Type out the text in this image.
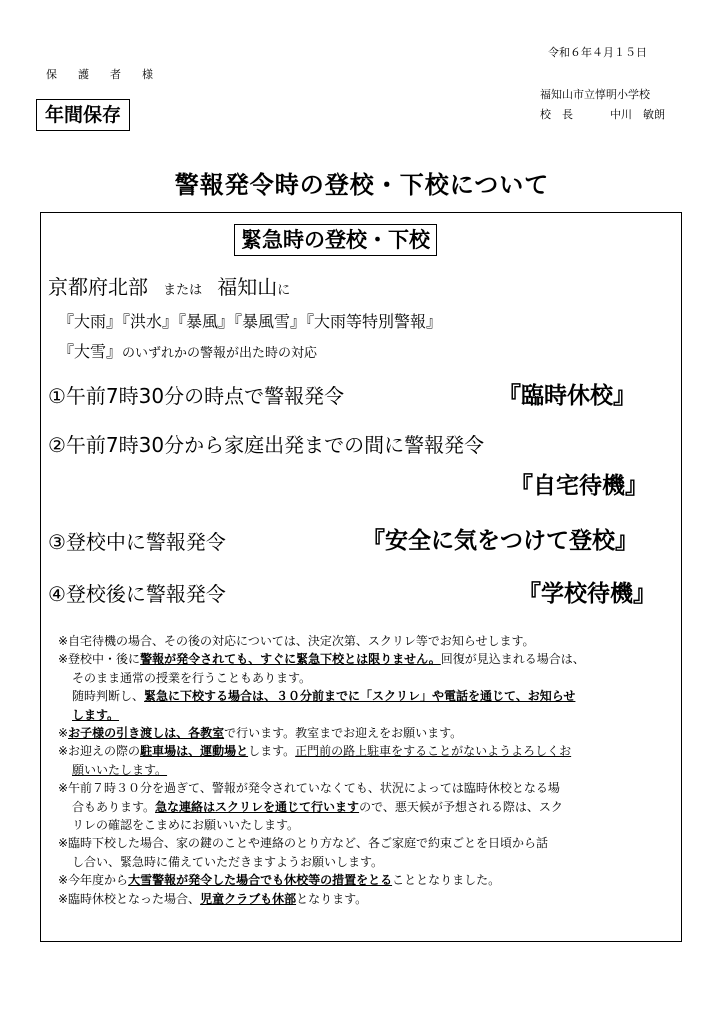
令和６年４月１５日
保　護　者　様
福知山市立惇明小学校
校　長	中川　敏朗
年間保存
警報発令時の登校・下校について
緊急時の登校・下校
京都府北部 または 福知山に
『大雨』『洪水』『暴風』『暴風雪』『大雨等特別警報』
『大雪』のいずれかの警報が出た時の対応
①午前7時30分の時点で警報発令	『臨時休校』
②午前7時30分から家庭出発までの間に警報発令
『自宅待機』
③登校中に警報発令	『安全に気をつけて登校』
④登校後に警報発令	『学校待機』
※自宅待機の場合、その後の対応については、決定次第、スクリレ等でお知らせします。
※登校中・後に警報が発令されても、すぐに緊急下校とは限りません。回復が見込まれる場合は、
そのまま通常の授業を行うこともあります。
随時判断し、緊急に下校する場合は、３０分前までに「スクリレ」や電話を通じて、お知らせ
します。
※お子様の引き渡しは、各教室で行います。教室までお迎えをお願います。
※お迎えの際の駐車場は、運動場とします。正門前の路上駐車をすることがないようよろしくお
願いいたします。
※午前７時３０分を過ぎて、警報が発令されていなくても、状況によっては臨時休校となる場
合もあります。急な連絡はスクリレを通じて行いますので、悪天候が予想される際は、スク
リレの確認をこまめにお願いいたします。
※臨時下校した場合、家の鍵のことや連絡のとり方など、各ご家庭で約束ごとを日頃から話
し合い、緊急時に備えていただきますようお願いします。
※今年度から大雪警報が発令した場合でも休校等の措置をとることとなりました。
※臨時休校となった場合、児童クラブも休部となります。
